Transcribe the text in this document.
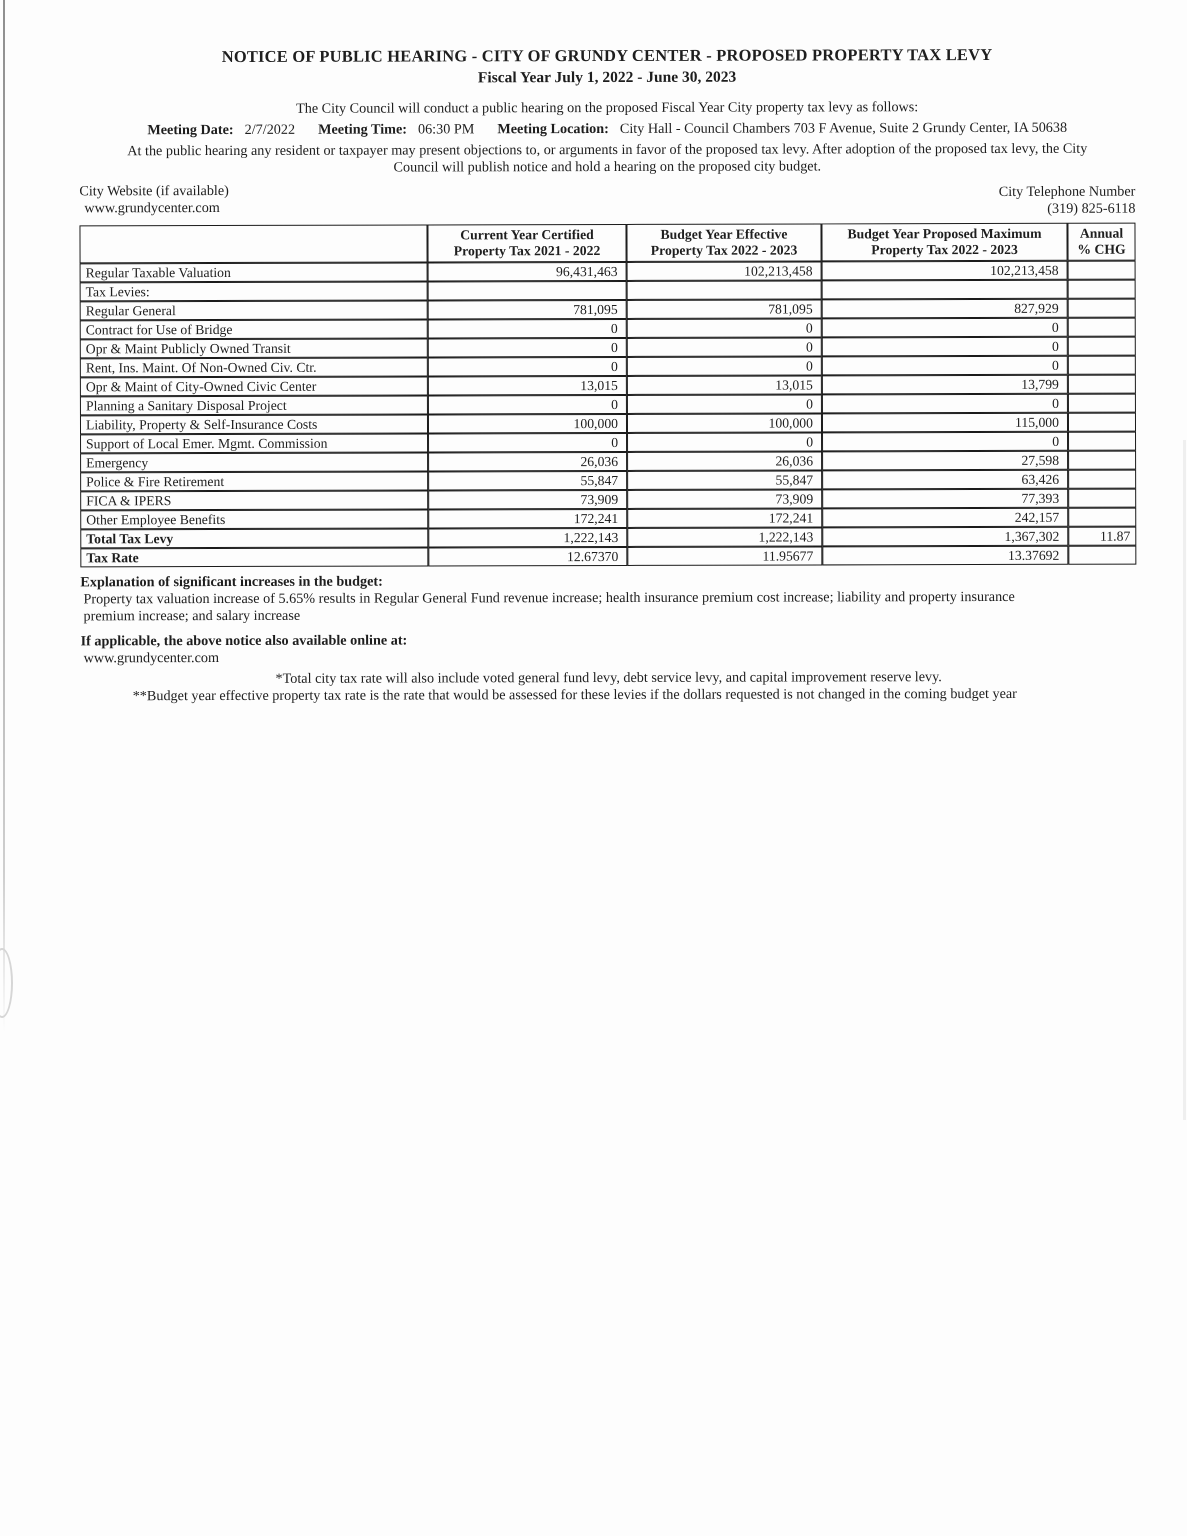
NOTICE OF PUBLIC HEARING - CITY OF GRUNDY CENTER - PROPOSED PROPERTY TAX LEVY
Fiscal Year July 1, 2022 - June 30, 2023
The City Council will conduct a public hearing on the proposed Fiscal Year City property tax levy as follows:
Meeting Date: 2/7/2022 Meeting Time: 06:30 PM Meeting Location: City Hall - Council Chambers 703 F Avenue, Suite 2 Grundy Center, IA 50638
At the public hearing any resident or taxpayer may present objections to, or arguments in favor of the proposed tax levy. After adoption of the proposed tax levy, the City
Council will publish notice and hold a hearing on the proposed city budget.
City Website (if available)
www.grundycenter.com
City Telephone Number
(319) 825-6118
	Current Year Certified
Property Tax 2021 - 2022	Budget Year Effective
Property Tax 2022 - 2023	Budget Year Proposed Maximum
Property Tax 2022 - 2023	Annual
% CHG
Regular Taxable Valuation	96,431,463	102,213,458	102,213,458	
Tax Levies:				
Regular General	781,095	781,095	827,929	
Contract for Use of Bridge	0	0	0	
Opr & Maint Publicly Owned Transit	0	0	0	
Rent, Ins. Maint. Of Non-Owned Civ. Ctr.	0	0	0	
Opr & Maint of City-Owned Civic Center	13,015	13,015	13,799	
Planning a Sanitary Disposal Project	0	0	0	
Liability, Property & Self-Insurance Costs	100,000	100,000	115,000	
Support of Local Emer. Mgmt. Commission	0	0	0	
Emergency	26,036	26,036	27,598	
Police & Fire Retirement	55,847	55,847	63,426	
FICA & IPERS	73,909	73,909	77,393	
Other Employee Benefits	172,241	172,241	242,157	
Total Tax Levy	1,222,143	1,222,143	1,367,302	11.87
Tax Rate	12.67370	11.95677	13.37692	
Explanation of significant increases in the budget:
Property tax valuation increase of 5.65% results in Regular General Fund revenue increase; health insurance premium cost increase; liability and property insurance
premium increase; and salary increase
If applicable, the above notice also available online at:
www.grundycenter.com
*Total city tax rate will also include voted general fund levy, debt service levy, and capital improvement reserve levy.
**Budget year effective property tax rate is the rate that would be assessed for these levies if the dollars requested is not changed in the coming budget year
